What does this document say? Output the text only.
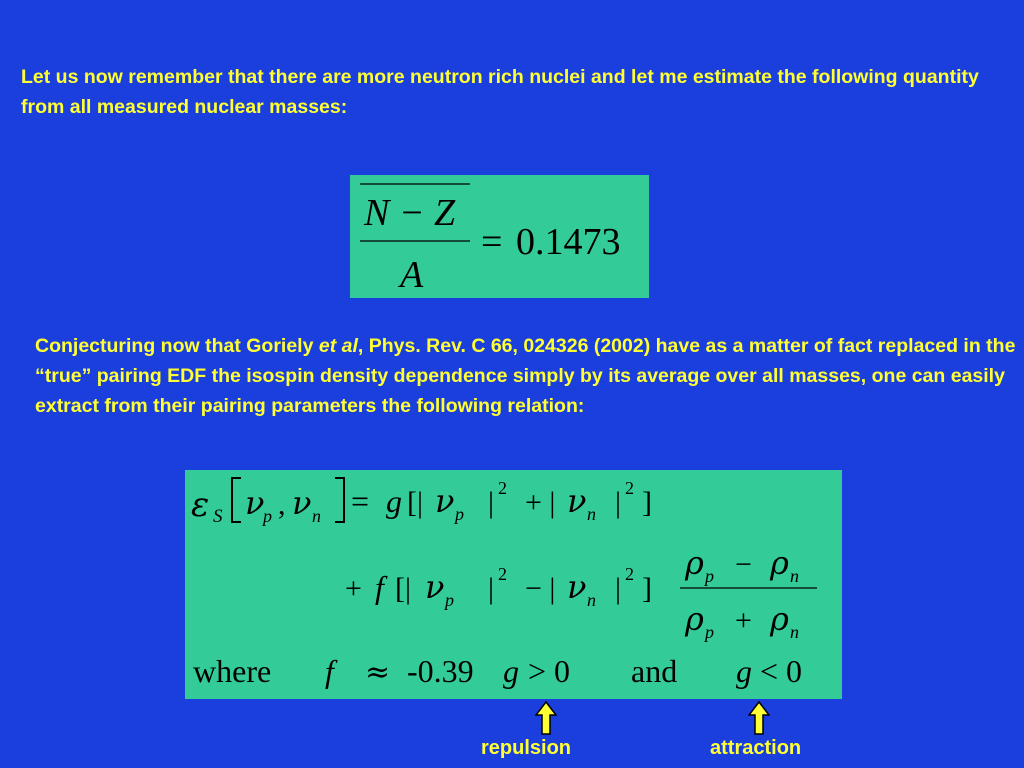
Let us now remember that there are more neutron rich nuclei and let me estimate the following quantity from all measured nuclear masses:

N − Z
A
= 0.1473

Conjecturing now that Goriely et al, Phys. Rev. C 66, 024326 (2002) have as a matter of fact replaced in the “true” pairing EDF the isospin density dependence simply by its average over all masses, one can easily extract from their pairing parameters the following relation:

ε S ν
p , ν n = g [| ν p | 2 + | ν n | 2 ]
+ f [| ν p | 2 − | ν n | 2 ]
ρ p − ρ n
ρ p + ρ n
where f ≈ -0.39 g > 0 and g < 0
repulsion	attraction
